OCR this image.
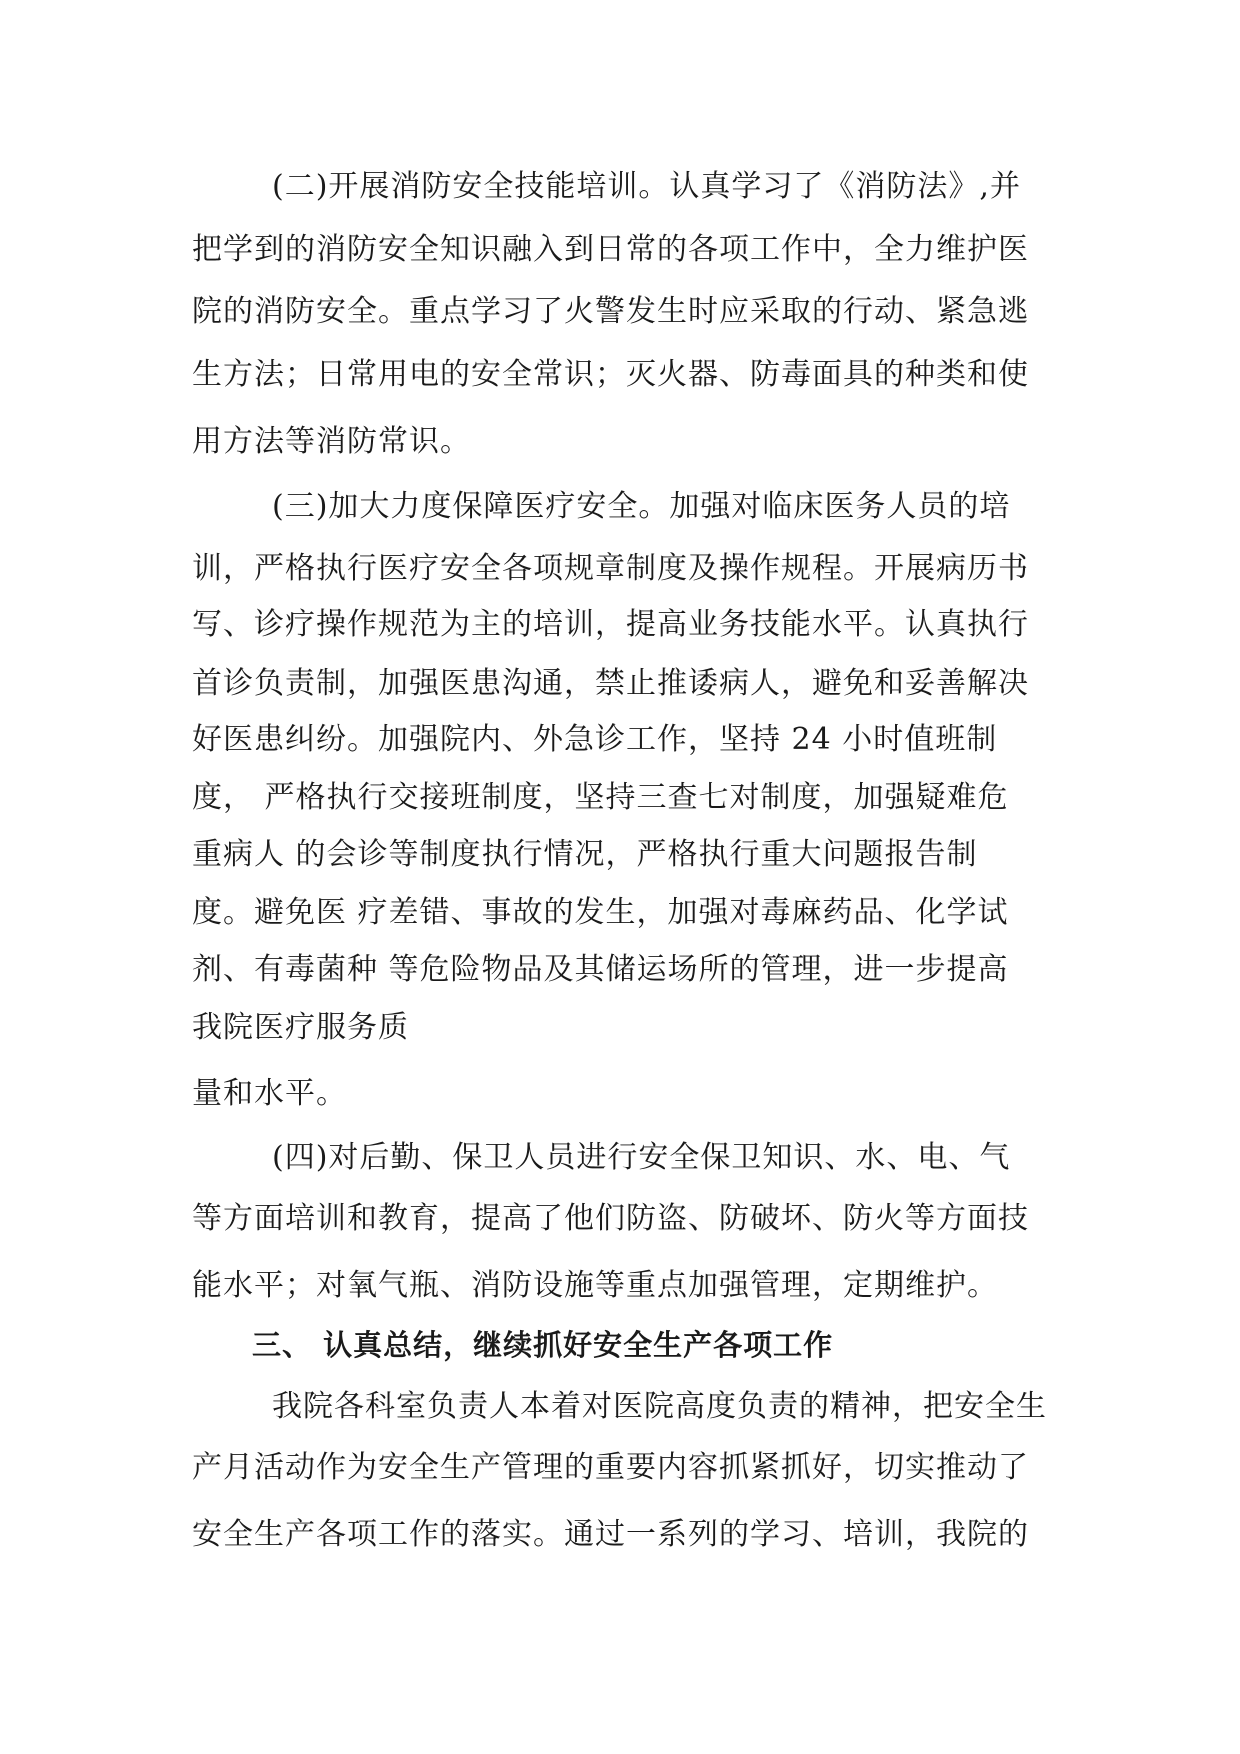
(二)开展消防安全技能培训。认真学习了《消防法》,并
把学到的消防安全知识融入到日常的各项工作中，全力维护医
院的消防安全。重点学习了火警发生时应采取的行动、紧急逃
生方法；日常用电的安全常识；灭火器、防毒面具的种类和使
用方法等消防常识。
(三)加大力度保障医疗安全。加强对临床医务人员的培
训，严格执行医疗安全各项规章制度及操作规程。开展病历书
写、诊疗操作规范为主的培训，提高业务技能水平。认真执行
首诊负责制，加强医患沟通，禁止推诿病人，避免和妥善解决
好医患纠纷。加强院内、外急诊工作，坚持 24 小时值班制
度， 严格执行交接班制度，坚持三查七对制度，加强疑难危
重病人 的会诊等制度执行情况，严格执行重大问题报告制
度。避免医 疗差错、事故的发生，加强对毒麻药品、化学试
剂、有毒菌种 等危险物品及其储运场所的管理，进一步提高
我院医疗服务质
量和水平。
(四)对后勤、保卫人员进行安全保卫知识、水、电、气
等方面培训和教育，提高了他们防盗、防破坏、防火等方面技
能水平；对氧气瓶、消防设施等重点加强管理，定期维护。
三、 认真总结，继续抓好安全生产各项工作
我院各科室负责人本着对医院高度负责的精神，把安全生
产月活动作为安全生产管理的重要内容抓紧抓好，切实推动了
安全生产各项工作的落实。通过一系列的学习、培训，我院的
